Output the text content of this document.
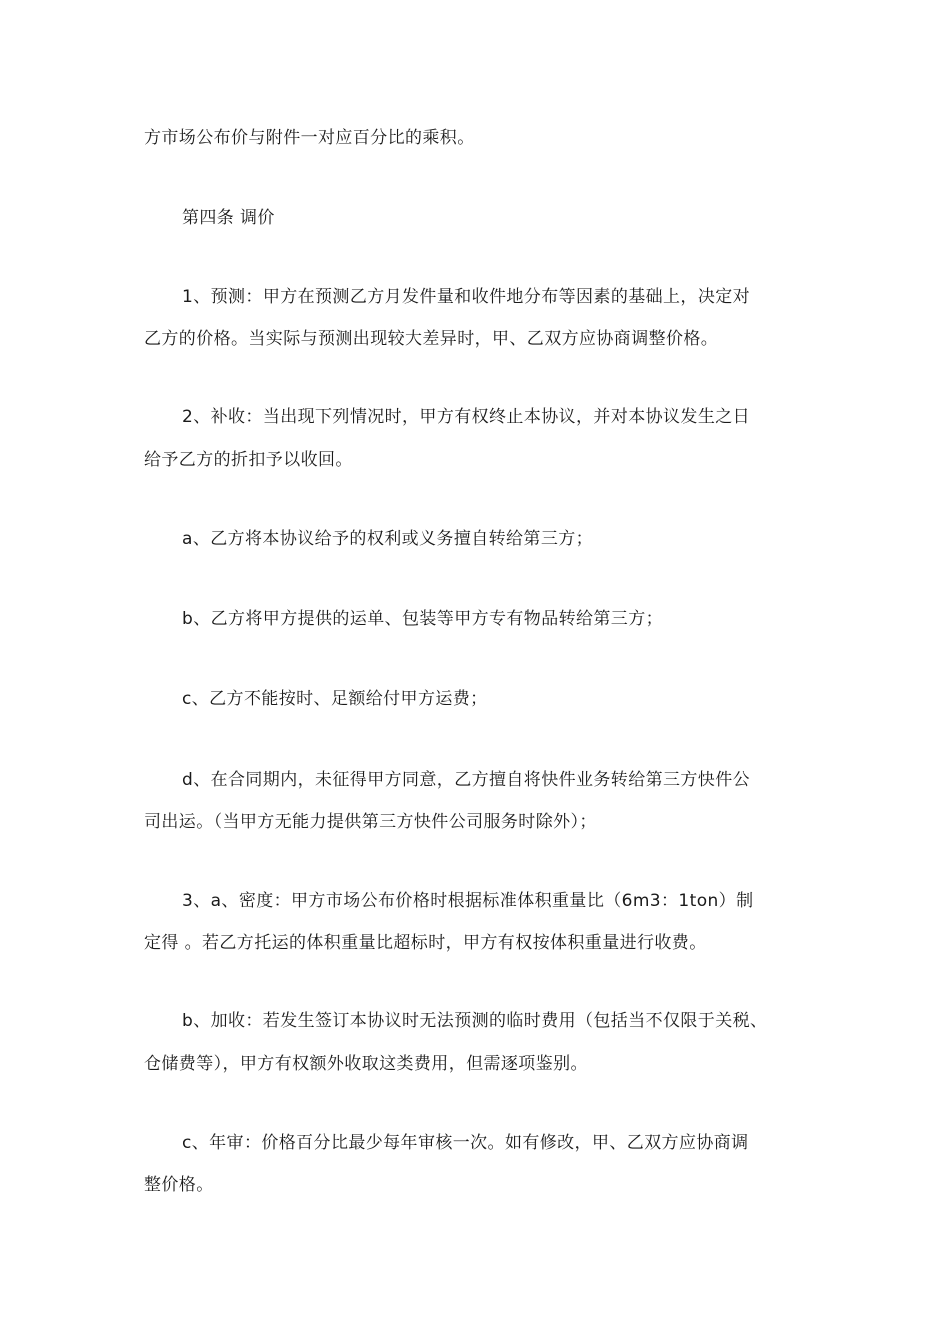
方市场公布价与附件一对应百分比的乘积。
第四条 调价
1、预测：甲方在预测乙方月发件量和收件地分布等因素的基础上，决定对
乙方的价格。当实际与预测出现较大差异时，甲、乙双方应协商调整价格。
2、补收：当出现下列情况时，甲方有权终止本协议，并对本协议发生之日
给予乙方的折扣予以收回。
a、乙方将本协议给予的权利或义务擅自转给第三方；
b、乙方将甲方提供的运单、包装等甲方专有物品转给第三方；
c、乙方不能按时、足额给付甲方运费；
d、在合同期内，未征得甲方同意，乙方擅自将快件业务转给第三方快件公
司出运。（当甲方无能力提供第三方快件公司服务时除外）；
3、a、密度：甲方市场公布价格时根据标准体积重量比（6m3：1ton）制
定得 。若乙方托运的体积重量比超标时，甲方有权按体积重量进行收费。
b、加收：若发生签订本协议时无法预测的临时费用（包括当不仅限于关税、
仓储费等），甲方有权额外收取这类费用，但需逐项鉴别。
c、年审：价格百分比最少每年审核一次。如有修改，甲、乙双方应协商调
整价格。
